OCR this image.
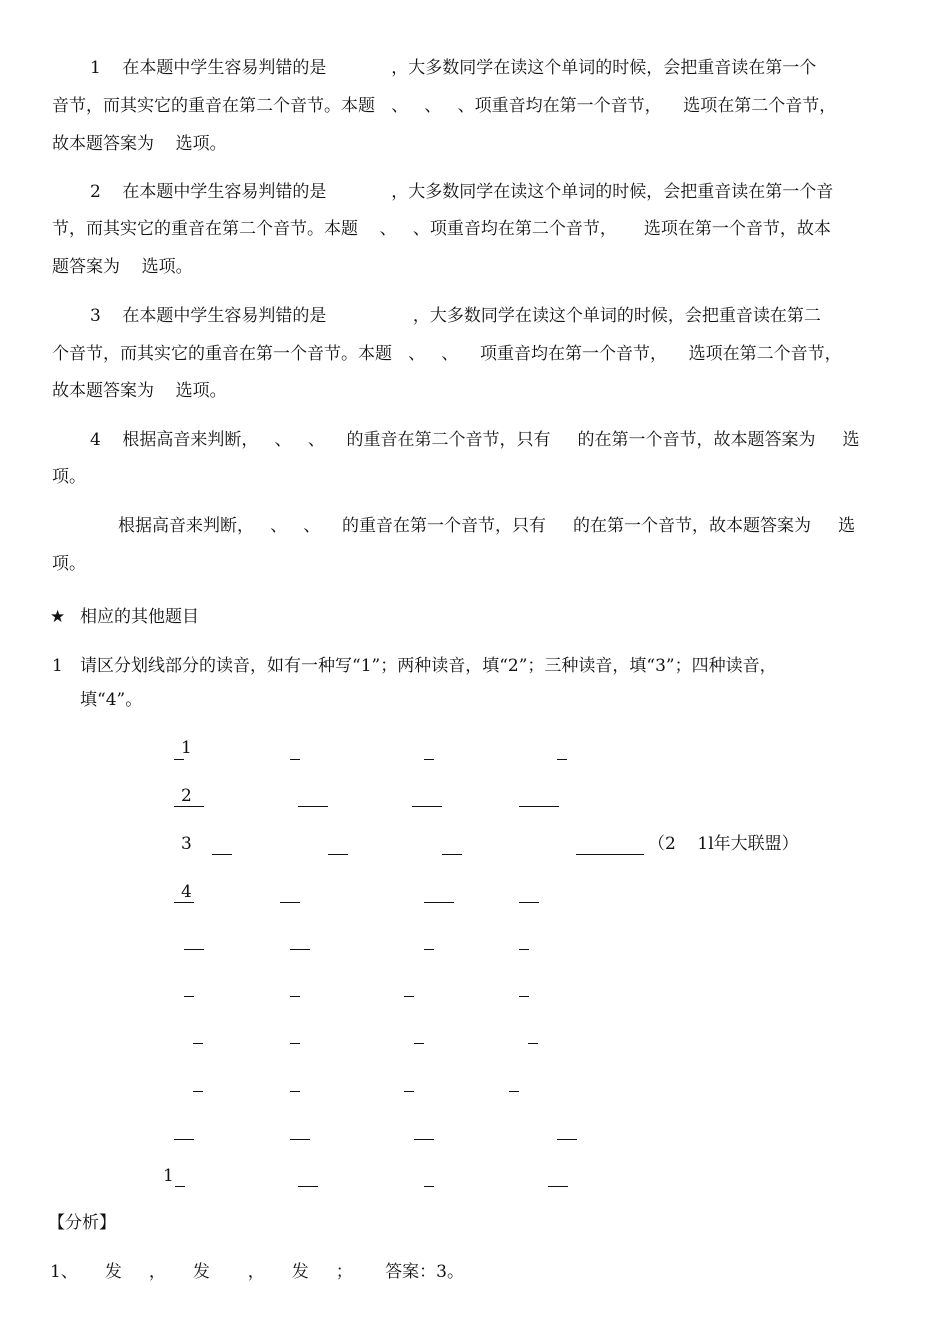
1    在本题中学生容易判错的是            ，大多数同学在读这个单词的时候，会把重音读在第一个
音节，而其实它的重音在第二个音节。本题   、   、   、项重音均在第一个音节，    选项在第二个音节，
故本题答案为    选项。
2    在本题中学生容易判错的是            ，大多数同学在读这个单词的时候，会把重音读在第一个音
节，而其实它的重音在第二个音节。本题    、   、项重音均在第二个音节，     选项在第一个音节，故本
题答案为    选项。
3    在本题中学生容易判错的是                ，大多数同学在读这个单词的时候，会把重音读在第二
个音节，而其实它的重音在第一个音节。本题   、   、    项重音均在第一个音节，    选项在第二个音节，
故本题答案为    选项。
4    根据高音来判断，   、   、    的重音在第二个音节，只有     的在第一个音节，故本题答案为     选
项。
根据高音来判断，   、   、    的重音在第一个音节，只有     的在第一个音节，故本题答案为     选
项。
★ 相应的其他题目
1 请区分划线部分的读音，如有一种写“1”；两种读音，填“2”；三种读音，填“3”；四种读音，
填“4”。
1
2
3	（2    1l年大联盟）
4
1
【分析】
1、     发     ，     发       ，     发     ；      答案：3。
